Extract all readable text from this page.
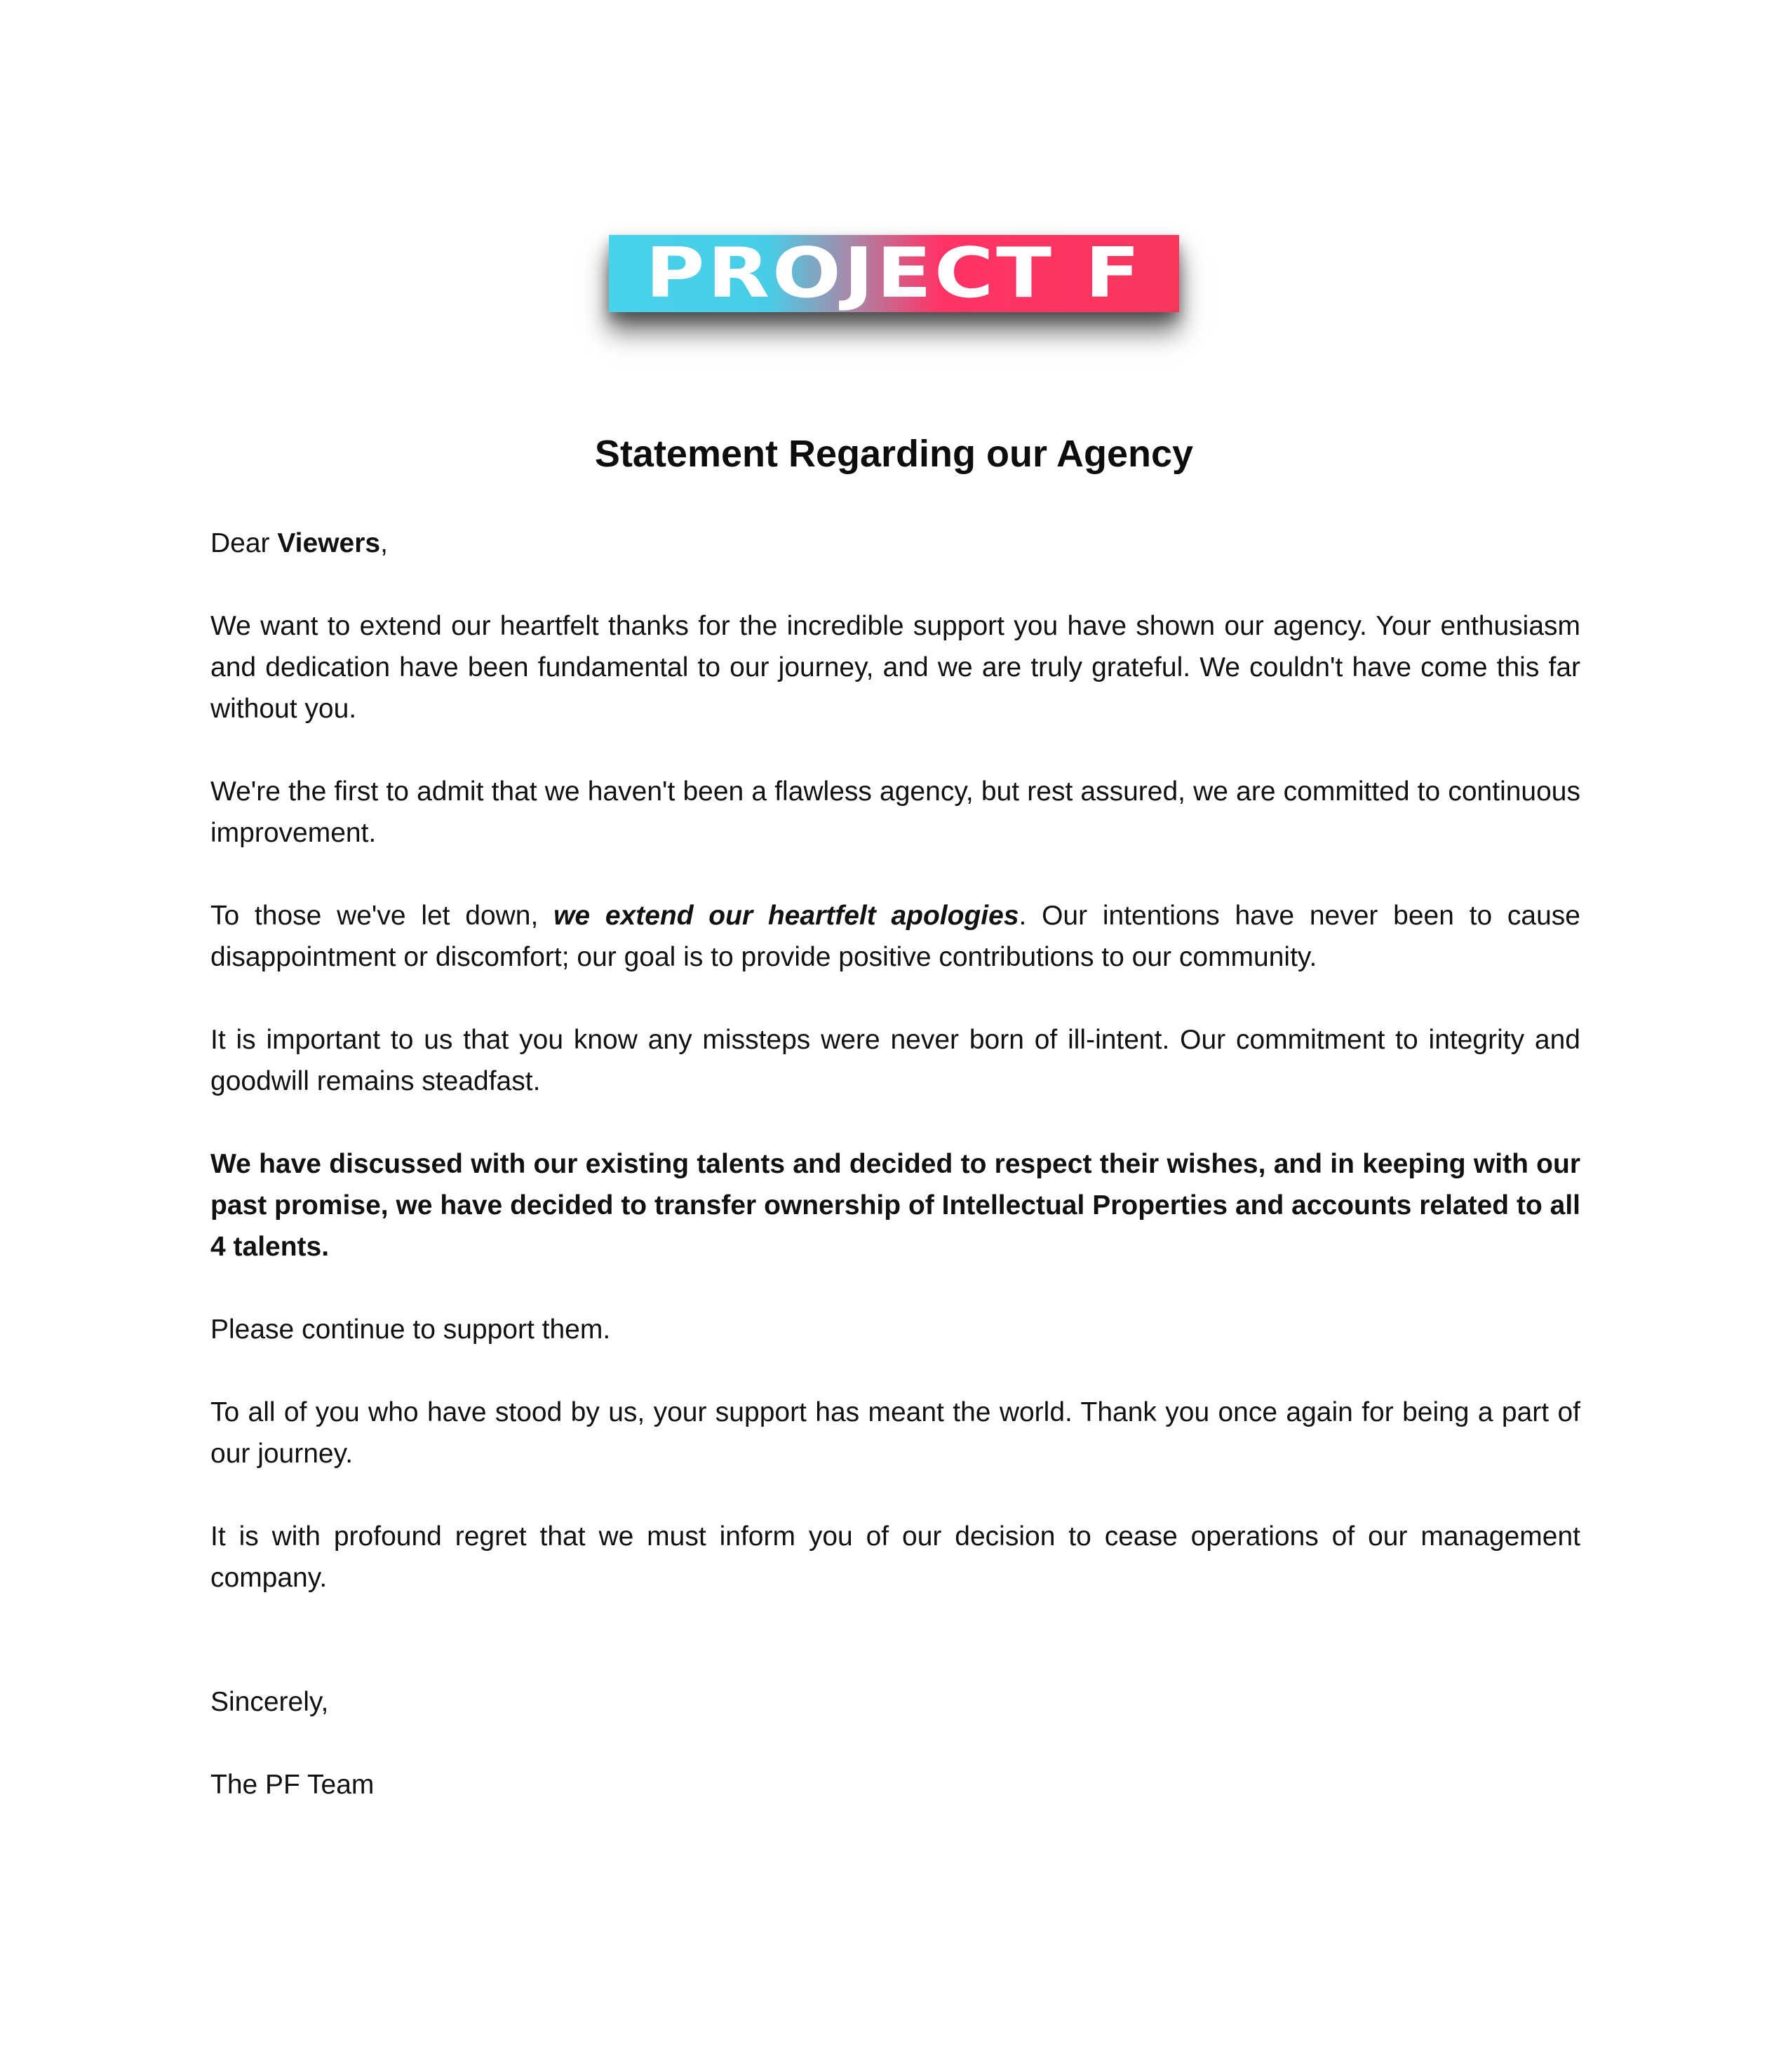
PROJECT F
Statement Regarding our Agency

Dear Viewers,

We want to extend our heartfelt thanks for the incredible support you have shown our agency. Your enthusiasm and dedication have been fundamental to our journey, and we are truly grateful. We couldn't have come this far without you.

We're the first to admit that we haven't been a flawless agency, but rest assured, we are committed to continuous improvement.

To those we've let down, we extend our heartfelt apologies. Our intentions have never been to cause disappointment or discomfort; our goal is to provide positive contributions to our community.

It is important to us that you know any missteps were never born of ill-intent. Our commitment to integrity and goodwill remains steadfast.

We have discussed with our existing talents and decided to respect their wishes, and in keeping with our past promise, we have decided to transfer ownership of Intellectual Properties and accounts related to all 4 talents.

Please continue to support them.

To all of you who have stood by us, your support has meant the world. Thank you once again for being a part of our journey.

It is with profound regret that we must inform you of our decision to cease operations of our management company.

Sincerely,

The PF Team
